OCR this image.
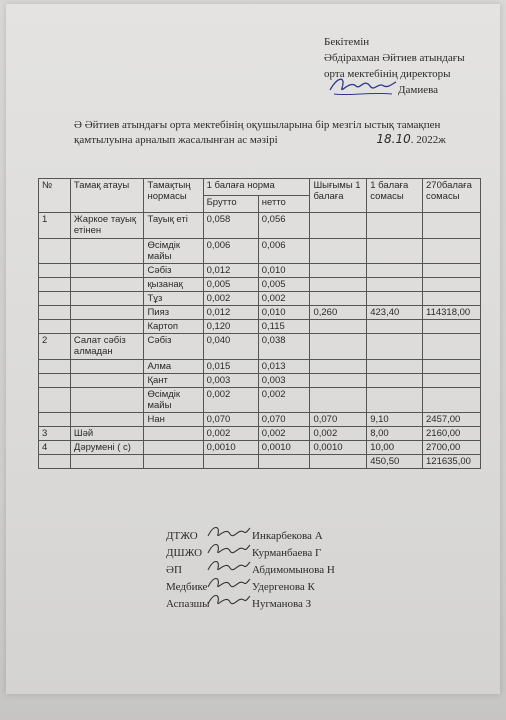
Бекітемін
Әбдірахман Әйтиев атындағы
орта мектебінің директоры
Дамиева
Ә Әйтиев атындағы орта мектебінің оқушыларына бір мезгіл ыстық тамақпен қамтылуына арналып жасалынған ас мәзірі	18.10. 2022ж
№	Тамақ атауы	Тамақтың нормасы	1 балаға норма		Шығымы 1 балаға	1 балаға сомасы	270балаға сомасы
			Брутто	нетто			
1	Жаркое тауық етінен	Тауық еті	0,058	0,056			
		Өсімдік майы	0,006	0,006			
		Сәбіз	0,012	0,010			
		қызанақ	0,005	0,005			
		Тұз	0,002	0,002			
		Пияз	0,012	0,010	0,260	423,40	114318,00
		Картоп	0,120	0,115			
2	Салат сәбіз алмадан	Сәбіз	0,040	0,038			
		Алма	0,015	0,013			
		Қант	0,003	0,003			
		Өсімдік майы	0,002	0,002			
		Нан	0,070	0,070	0,070	9,10	2457,00
3	Шәй		0,002	0,002	0,002	8,00	2160,00
4	Дәрумені ( с)		0,0010	0,0010	0,0010	10,00	2700,00
						450,50	121635,00
ДТЖО	Инкарбекова А
ДШЖО	Курманбаева Г
ӘП	Абдимомынова Н
Медбике	Удергенова К
Аспазшы	Нугманова З
